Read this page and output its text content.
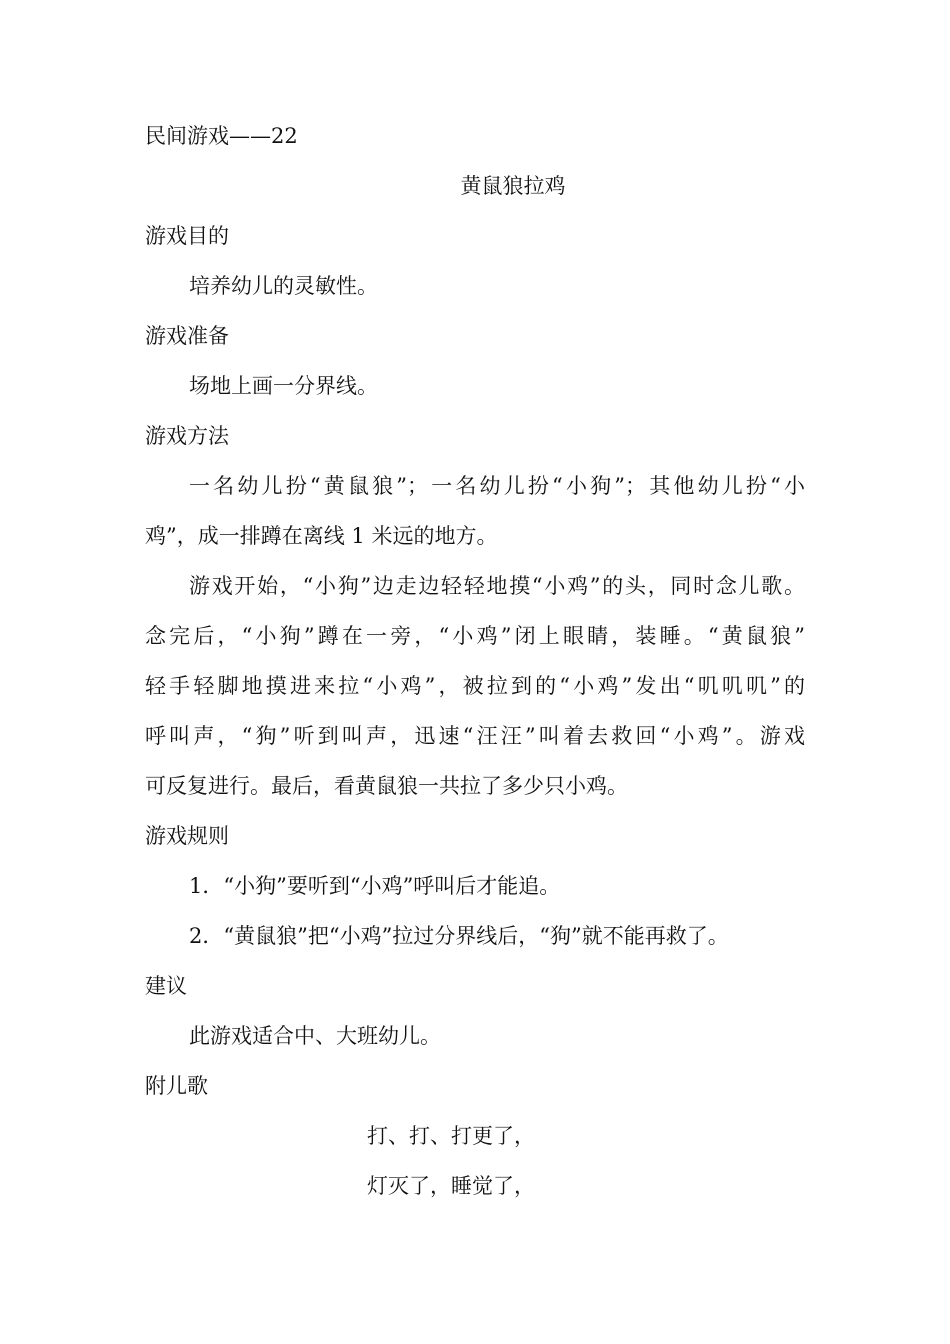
民间游戏——22
黄鼠狼拉鸡
游戏目的
培养幼儿的灵敏性。
游戏准备
场地上画一分界线。
游戏方法
一名幼儿扮“黄鼠狼”；一名幼儿扮“小狗”；其他幼儿扮“小
鸡”，成一排蹲在离线 1 米远的地方。
游戏开始，“小狗”边走边轻轻地摸“小鸡”的头，同时念儿歌。
念完后，“小狗”蹲在一旁，“小鸡”闭上眼睛，装睡。“黄鼠狼”
轻手轻脚地摸进来拉“小鸡”，被拉到的“小鸡”发出“叽叽叽”的
呼叫声，“狗”听到叫声，迅速“汪汪”叫着去救回“小鸡”。游戏
可反复进行。最后，看黄鼠狼一共拉了多少只小鸡。
游戏规则
1．“小狗”要听到“小鸡”呼叫后才能追。
2．“黄鼠狼”把“小鸡”拉过分界线后，“狗”就不能再救了。
建议
此游戏适合中、大班幼儿。
附儿歌
打、打、打更了，
灯灭了，睡觉了，
